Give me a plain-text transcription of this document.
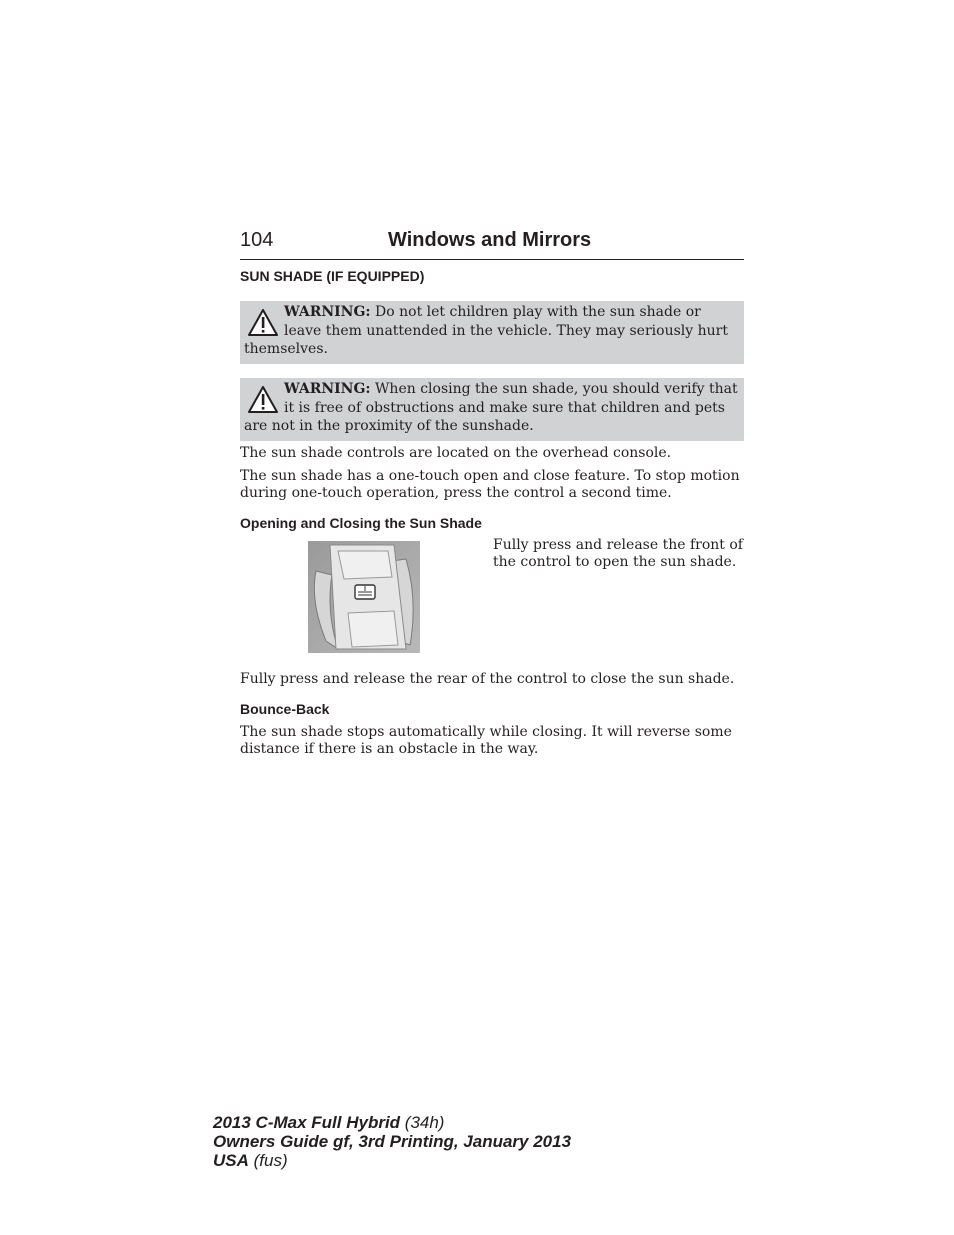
104	Windows and Mirrors
SUN SHADE (IF EQUIPPED)
WARNING: Do not let children play with the sun shade or leave them unattended in the vehicle. They may seriously hurt themselves.
WARNING: When closing the sun shade, you should verify that it is free of obstructions and make sure that children and pets are not in the proximity of the sunshade.

The sun shade controls are located on the overhead console.

The sun shade has a one-touch open and close feature. To stop motion during one-touch operation, press the control a second time.

Opening and Closing the Sun Shade

Fully press and release the front of the control to open the sun shade.

Fully press and release the rear of the control to close the sun shade.

Bounce-Back

The sun shade stops automatically while closing. It will reverse some distance if there is an obstacle in the way.

2013 C-Max Full Hybrid (34h)
Owners Guide gf, 3rd Printing, January 2013
USA (fus)
